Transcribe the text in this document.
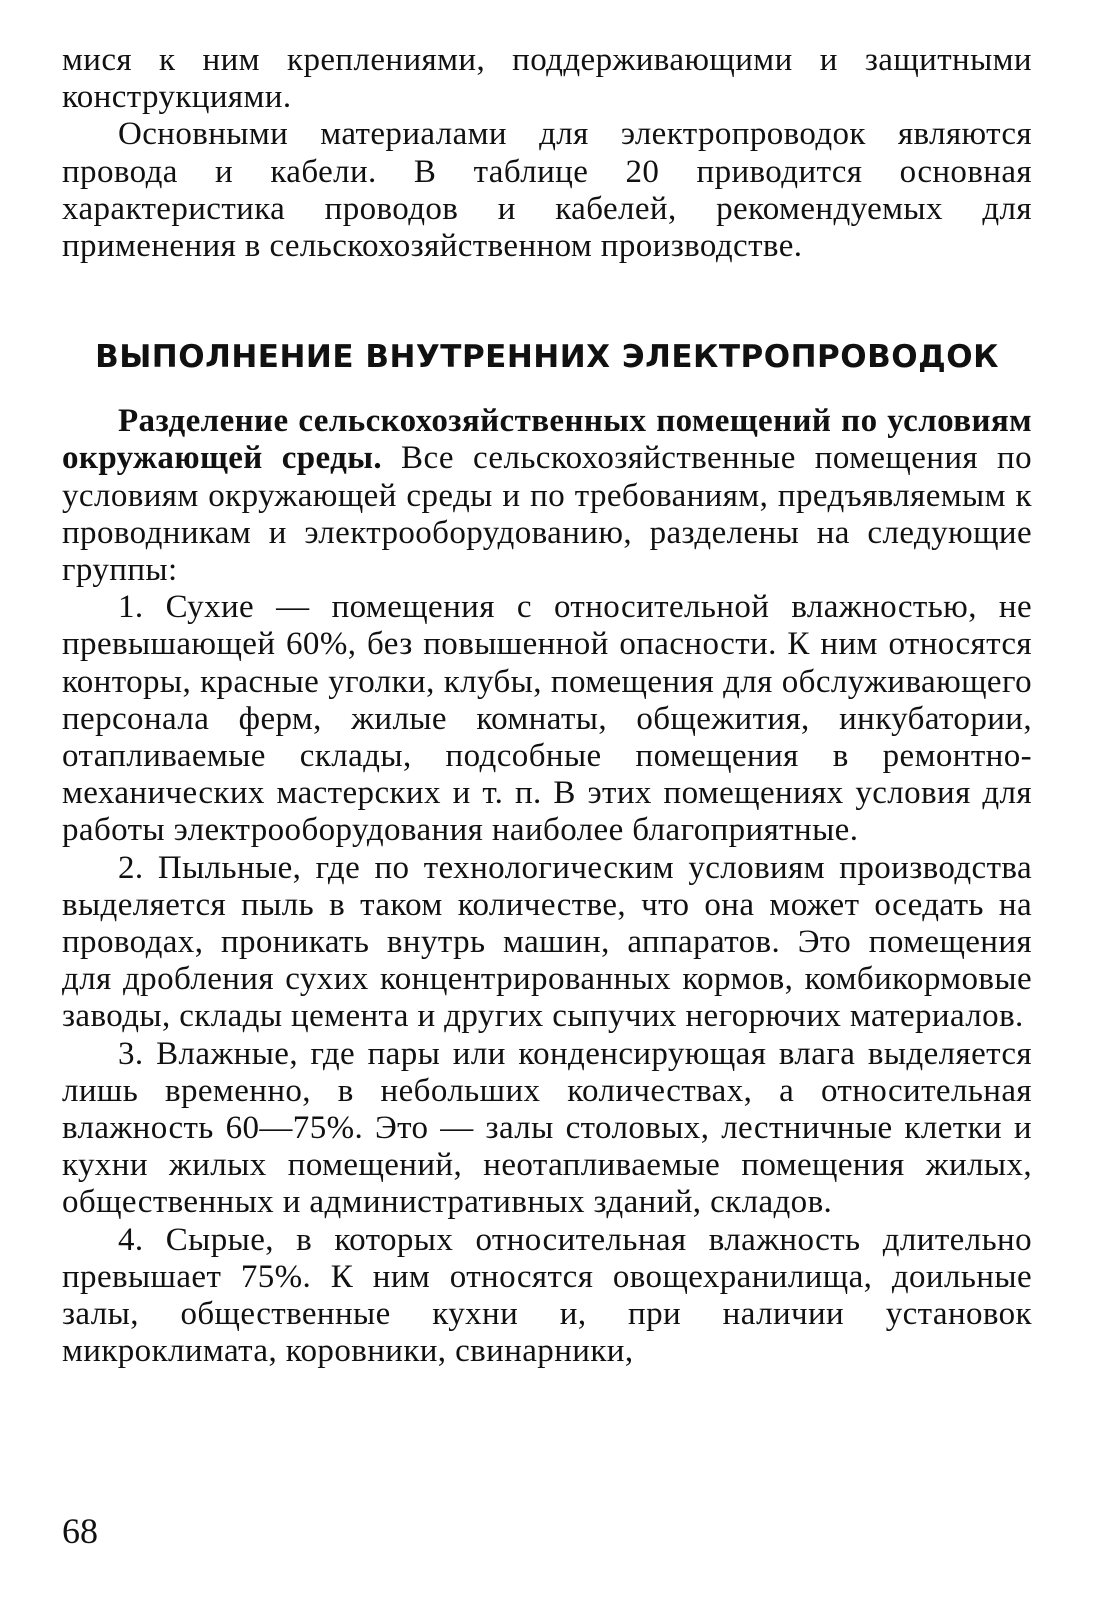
мися к ним креплениями, поддерживающими и защитными конструкциями.

Основными материалами для электропроводок являются провода и кабели. В таблице 20 приводится основная характеристика проводов и кабелей, рекомендуемых для применения в сельскохозяйственном производстве.

ВЫПОЛНЕНИЕ ВНУТРЕННИХ ЭЛЕКТРОПРОВОДОК

Разделение сельскохозяйственных помещений по условиям окружающей среды. Все сельскохозяйственные помещения по условиям окружающей среды и по требованиям, предъявляемым к проводникам и электрооборудованию, разделены на следующие группы:

1. Сухие — помещения с относительной влажностью, не превышающей 60%, без повышенной опасности. К ним относятся конторы, красные уголки, клубы, помещения для обслуживающего персонала ферм, жилые комнаты, общежития, инкубатории, отапливаемые склады, подсобные помещения в ремонтно-механических мастерских и т. п. В этих помещениях условия для работы электрооборудования наиболее благоприятные.

2. Пыльные, где по технологическим условиям производства выделяется пыль в таком количестве, что она может оседать на проводах, проникать внутрь машин, аппаратов. Это помещения для дробления сухих концентрированных кормов, комбикормовые заводы, склады цемента и других сыпучих негорючих материалов.

3. Влажные, где пары или конденсирующая влага выделяется лишь временно, в небольших количествах, а относительная влажность 60—75%. Это — залы столовых, лестничные клетки и кухни жилых помещений, неотапливаемые помещения жилых, общественных и административных зданий, складов.

4. Сырые, в которых относительная влажность длительно превышает 75%. К ним относятся овощехранилища, доильные залы, общественные кухни и, при наличии установок микроклимата, коровники, свинарники,

68
